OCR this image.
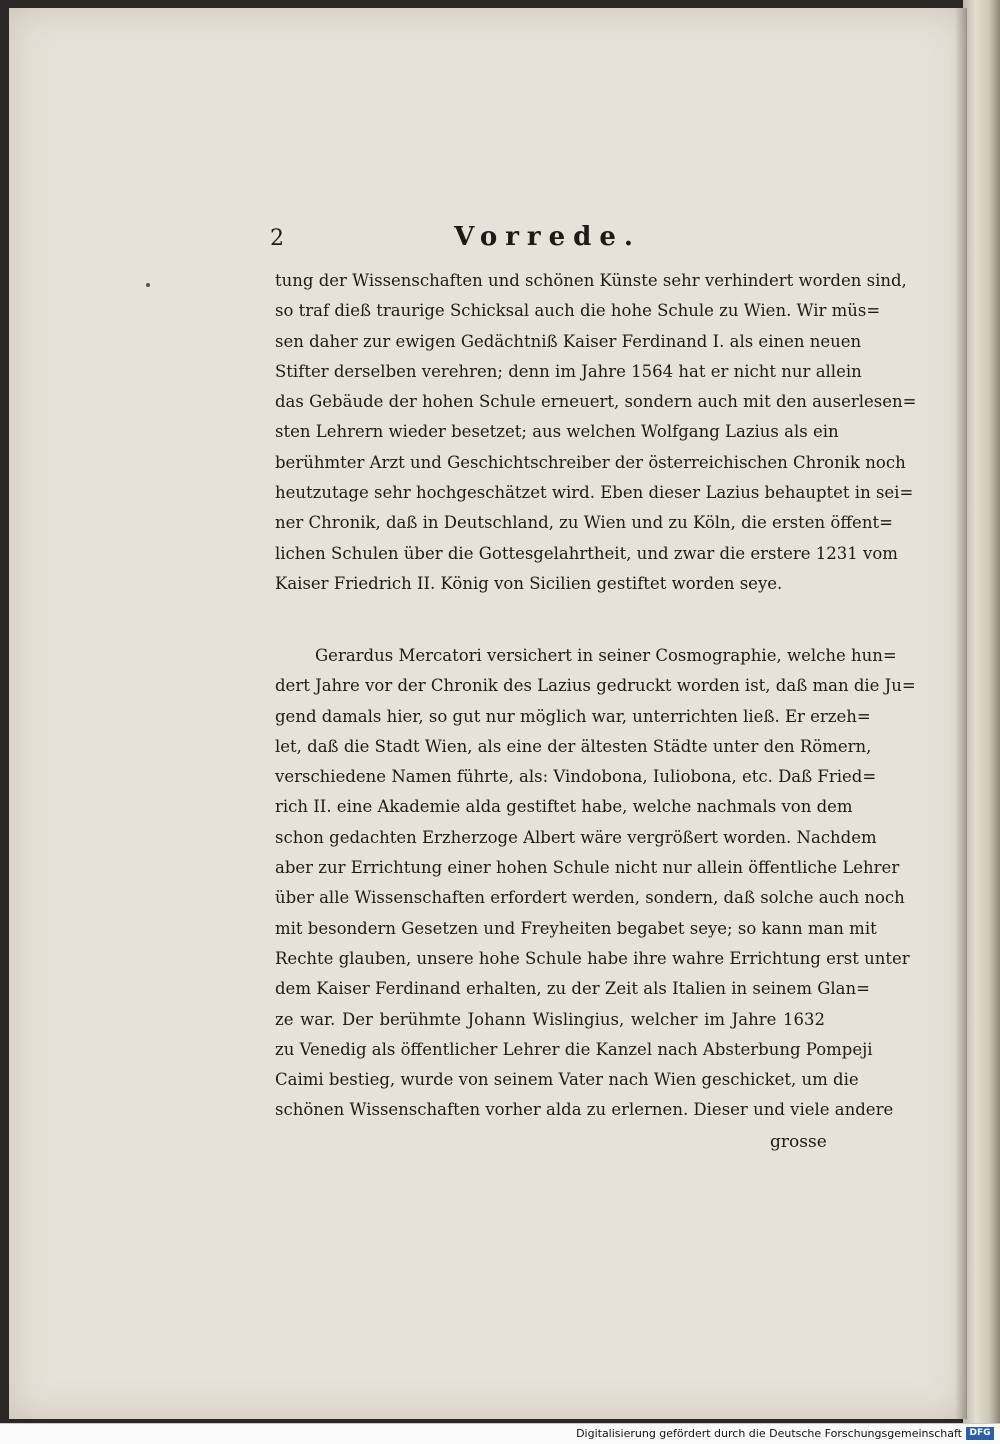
2	Vorrede.
tung der Wissenschaften und schönen Künste sehr verhindert worden sind,
so traf dieß traurige Schicksal auch die hohe Schule zu Wien. Wir müs=
sen daher zur ewigen Gedächtniß Kaiser Ferdinand I. als einen neuen
Stifter derselben verehren; denn im Jahre 1564 hat er nicht nur allein
das Gebäude der hohen Schule erneuert, sondern auch mit den auserlesen=
sten Lehrern wieder besetzet; aus welchen Wolfgang Lazius als ein
berühmter Arzt und Geschichtschreiber der österreichischen Chronik noch
heutzutage sehr hochgeschätzet wird. Eben dieser Lazius behauptet in sei=
ner Chronik, daß in Deutschland, zu Wien und zu Köln, die ersten öffent=
lichen Schulen über die Gottesgelahrtheit, und zwar die erstere 1231 vom
Kaiser Friedrich II. König von Sicilien gestiftet worden seye.
Gerardus Mercatori versichert in seiner Cosmographie, welche hun=
dert Jahre vor der Chronik des Lazius gedruckt worden ist, daß man die Ju=
gend damals hier, so gut nur möglich war, unterrichten ließ. Er erzeh=
let, daß die Stadt Wien, als eine der ältesten Städte unter den Römern,
verschiedene Namen führte, als: Vindobona, Iuliobona, etc. Daß Fried=
rich II. eine Akademie alda gestiftet habe, welche nachmals von dem
schon gedachten Erzherzoge Albert wäre vergrößert worden. Nachdem
aber zur Errichtung einer hohen Schule nicht nur allein öffentliche Lehrer
über alle Wissenschaften erfordert werden, sondern, daß solche auch noch
mit besondern Gesetzen und Freyheiten begabet seye; so kann man mit
Rechte glauben, unsere hohe Schule habe ihre wahre Errichtung erst unter
dem Kaiser Ferdinand erhalten, zu der Zeit als Italien in seinem Glan=
ze war. Der berühmte Johann Wislingius, welcher im Jahre 1632
zu Venedig als öffentlicher Lehrer die Kanzel nach Absterbung Pompeji
Caimi bestieg, wurde von seinem Vater nach Wien geschicket, um die
schönen Wissenschaften vorher alda zu erlernen. Dieser und viele andere
grosse
Digitalisierung gefördert durch die Deutsche Forschungsgemeinschaft DFG
